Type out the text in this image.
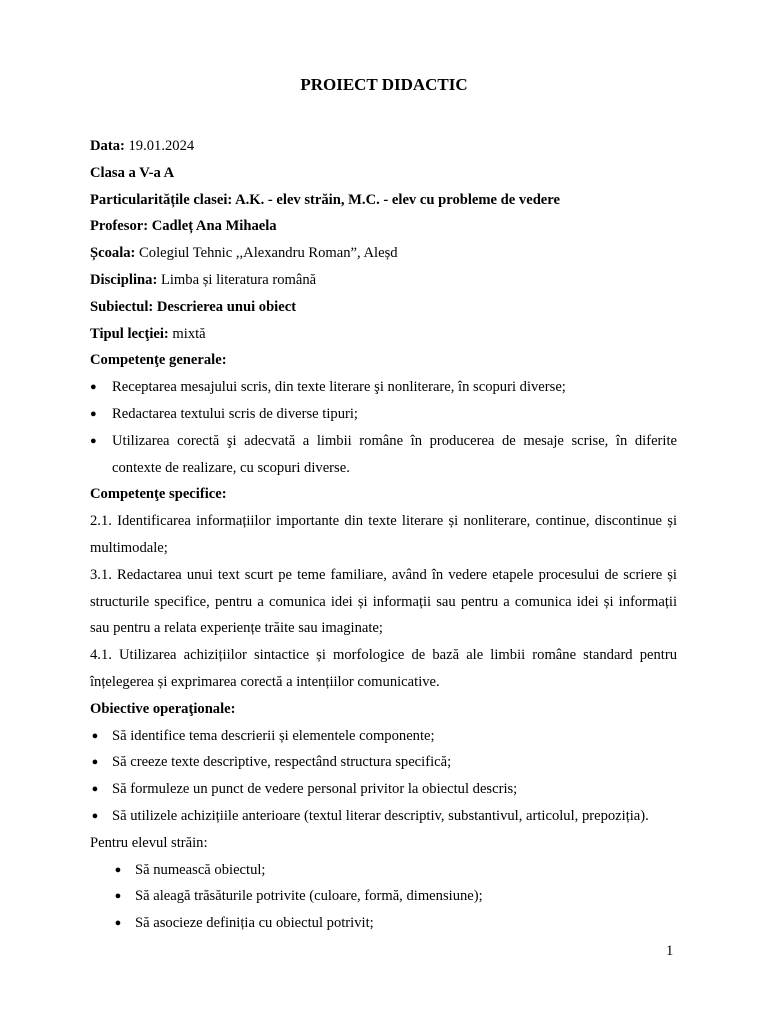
PROIECT DIDACTIC

Data: 19.01.2024

Clasa a V-a A

Particularitățile clasei: A.K. - elev străin, M.C. - elev cu probleme de vedere

Profesor: Cadleț Ana Mihaela

Școala: Colegiul Tehnic ,,Alexandru Roman”, Aleșd

Disciplina: Limba și literatura română

Subiectul: Descrierea unui obiect

Tipul lecţiei: mixtă

Competenţe generale:

● Receptarea mesajului scris, din texte literare şi nonliterare, în scopuri diverse;
● Redactarea textului scris de diverse tipuri;
● Utilizarea corectă şi adecvată a limbii române în producerea de mesaje scrise, în diferite contexte de realizare, cu scopuri diverse.

Competenţe specifice:

2.1. Identificarea informațiilor importante din texte literare și nonliterare, continue, discontinue și multimodale;

3.1. Redactarea unui text scurt pe teme familiare, având în vedere etapele procesului de scriere și structurile specifice, pentru a comunica idei și informații sau pentru a comunica idei și informații sau pentru a relata experiențe trăite sau imaginate;

4.1. Utilizarea achizițiilor sintactice și morfologice de bază ale limbii române standard pentru înțelegerea și exprimarea corectă a intențiilor comunicative.

Obiective operaţionale:

● Să identifice tema descrierii și elementele componente;
● Să creeze texte descriptive, respectând structura specifică;
● Să formuleze un punct de vedere personal privitor la obiectul descris;
● Să utilizele achizițiile anterioare (textul literar descriptiv, substantivul, articolul, prepoziția).

Pentru elevul străin:

● Să numească obiectul;
● Să aleagă trăsăturile potrivite (culoare, formă, dimensiune);
● Să asocieze definiția cu obiectul potrivit;
1
